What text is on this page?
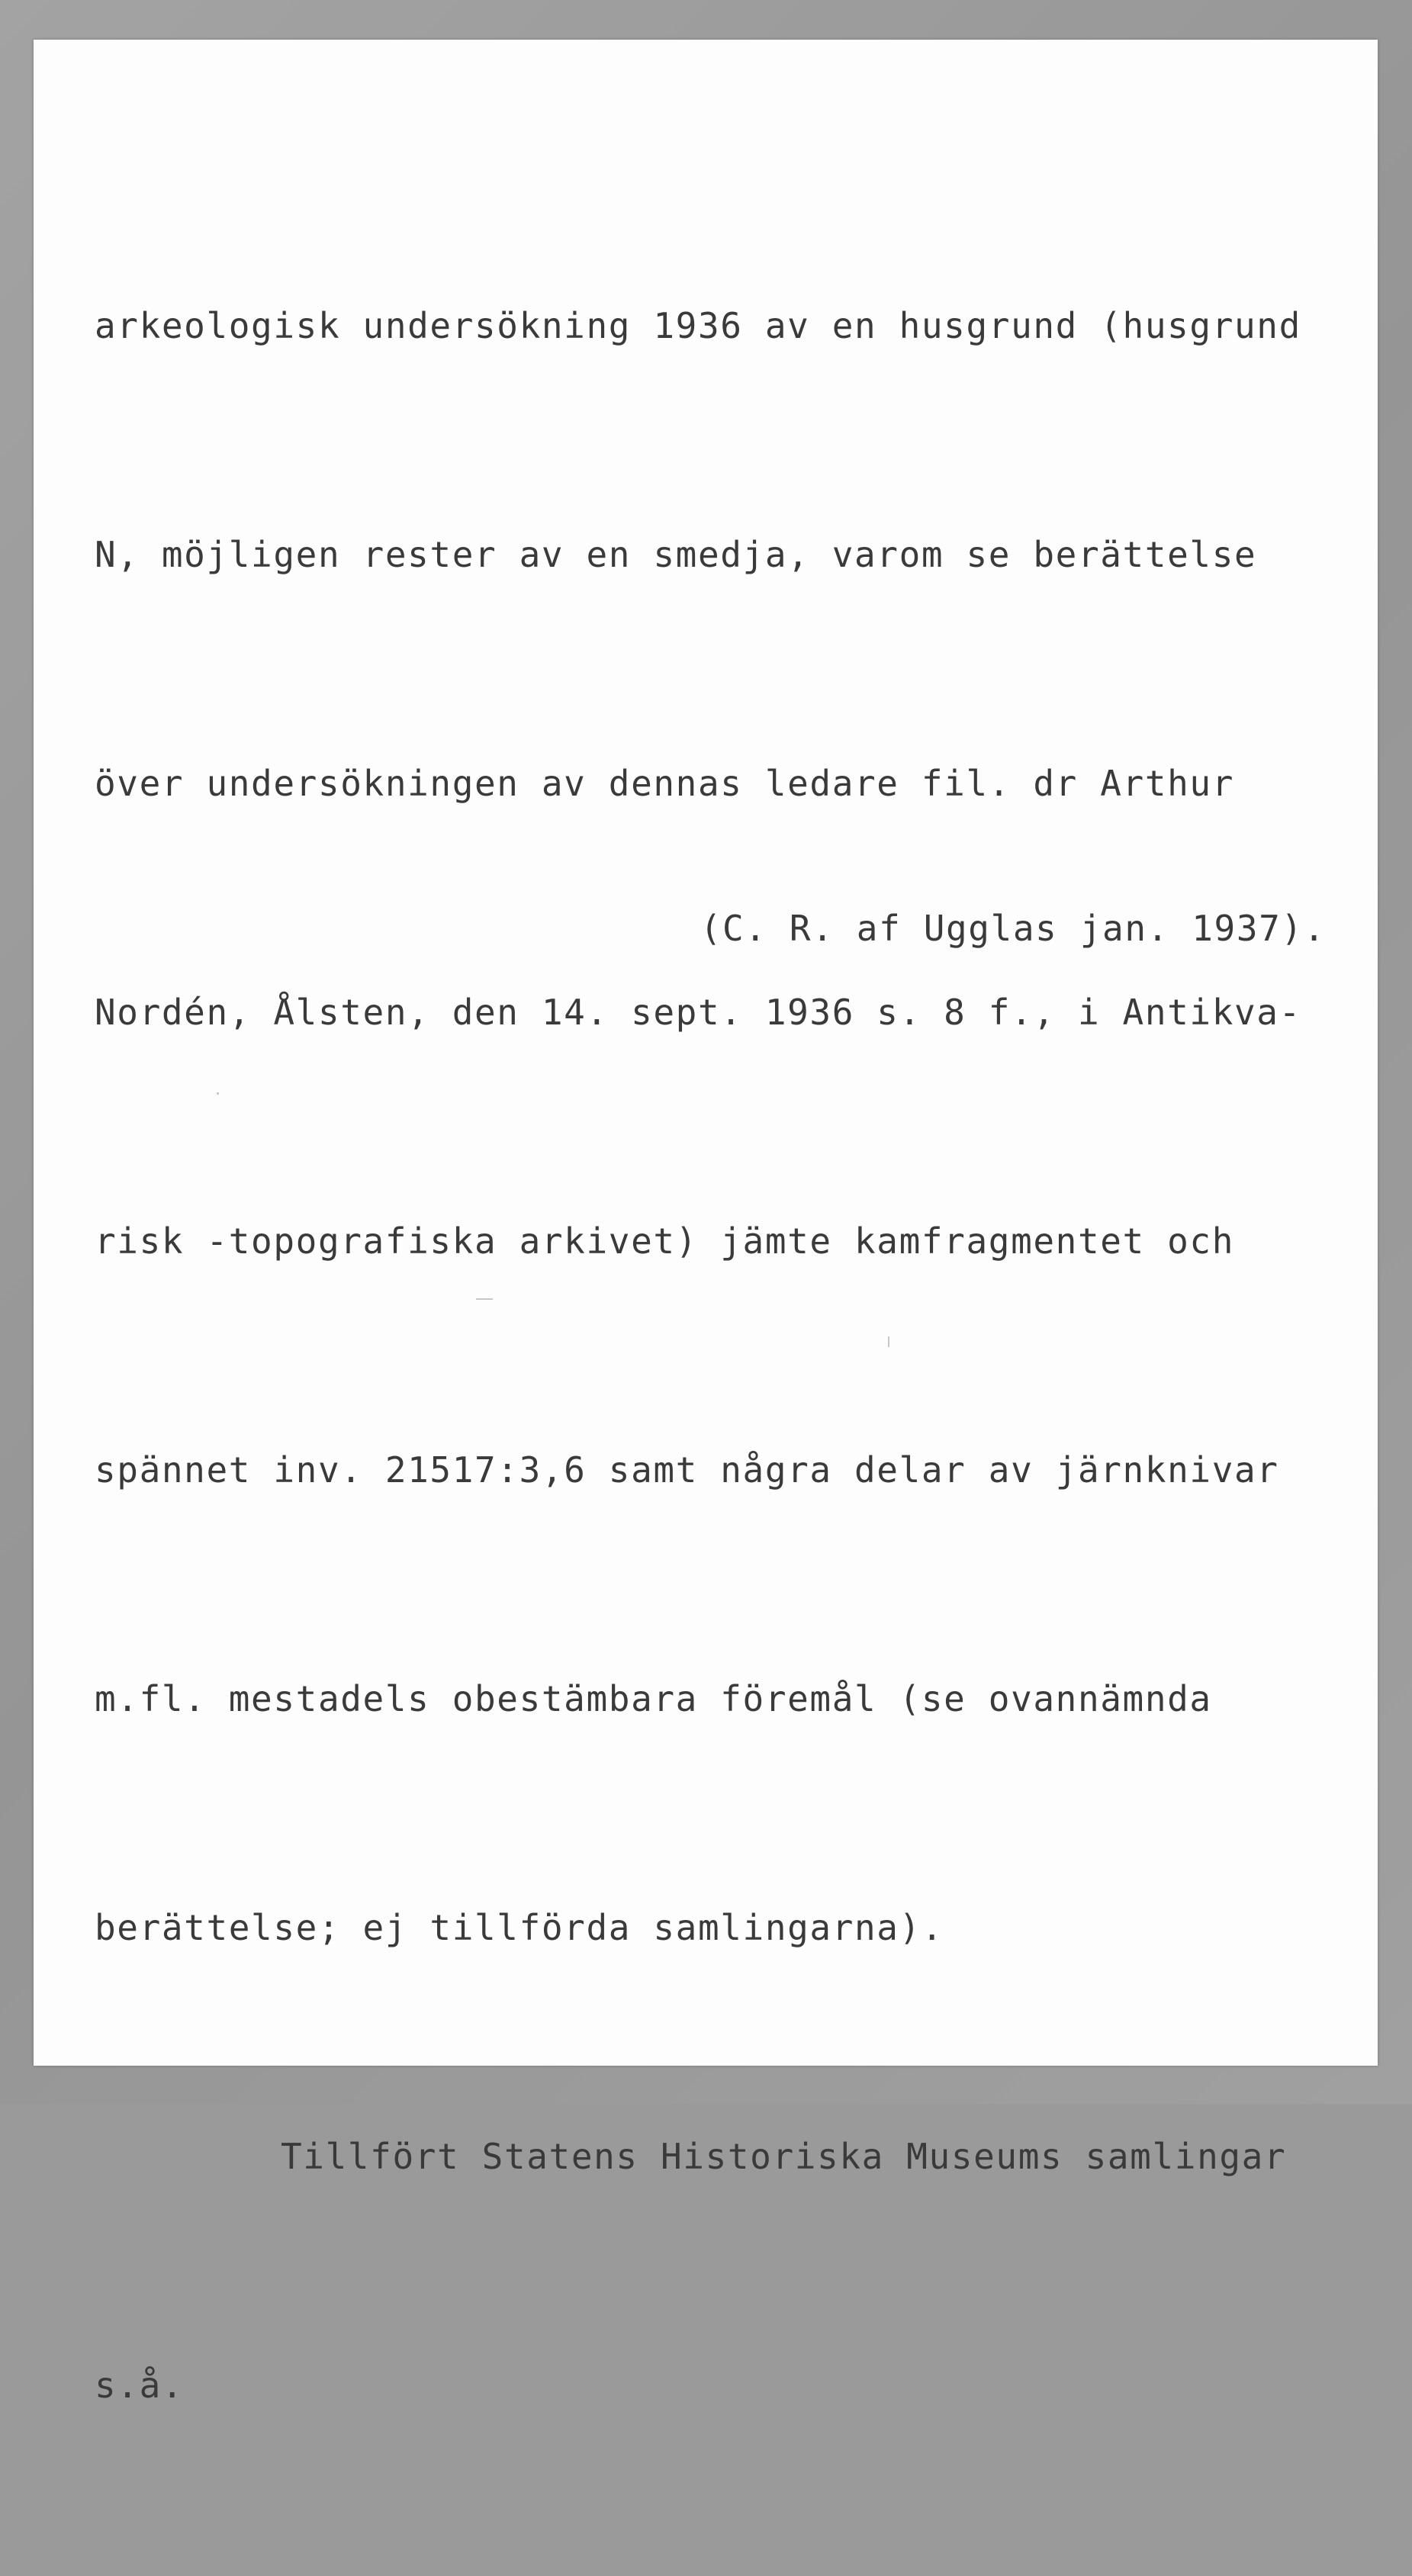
arkeologisk undersökning 1936 av en husgrund (husgrund

N, möjligen rester av en smedja, varom se berättelse

över undersökningen av dennas ledare fil. dr Arthur

Nordén, Ålsten, den 14. sept. 1936 s. 8 f., i Antikva-

risk -topografiska arkivet) jämte kamfragmentet och

spännet inv. 21517:3,6 samt några delar av järnknivar

m.fl. mestadels obestämbara föremål (se ovannämnda

berättelse; ej tillförda samlingarna).

Tillfört Statens Historiska Museums samlingar

s.å.

(C. R. af Ugglas jan. 1937).
